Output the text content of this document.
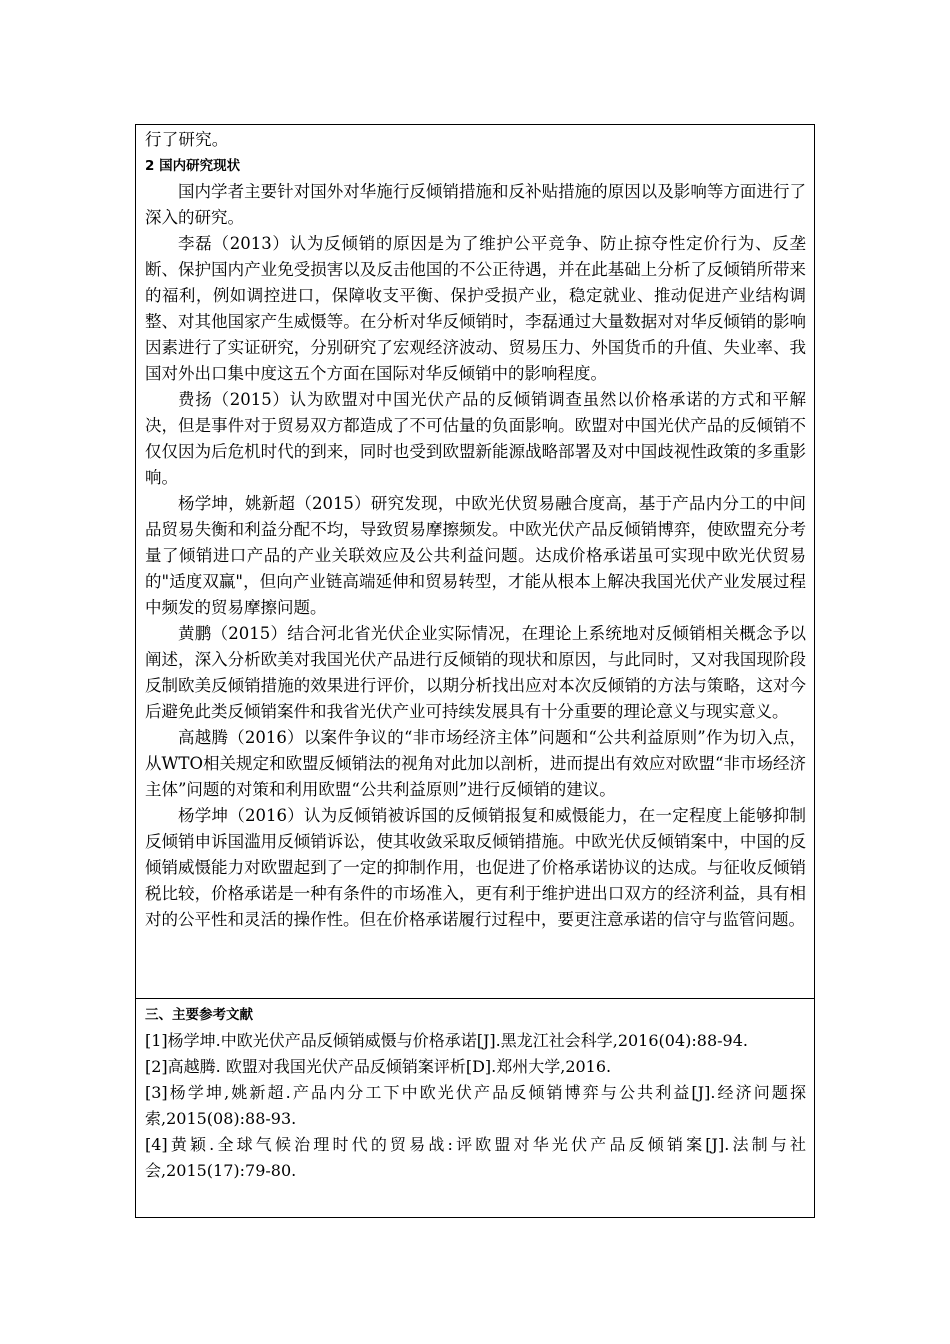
行了研究。
2 国内研究现状

国内学者主要针对国外对华施行反倾销措施和反补贴措施的原因以及影响等方面进行了深入的研究。

李磊（2013）认为反倾销的原因是为了维护公平竞争、防止掠夺性定价行为、反垄断、保护国内产业免受损害以及反击他国的不公正待遇，并在此基础上分析了反倾销所带来的福利，例如调控进口，保障收支平衡、保护受损产业，稳定就业、推动促进产业结构调整、对其他国家产生威慑等。在分析对华反倾销时，李磊通过大量数据对对华反倾销的影响因素进行了实证研究，分别研究了宏观经济波动、贸易压力、外国货币的升值、失业率、我国对外出口集中度这五个方面在国际对华反倾销中的影响程度。

费扬（2015）认为欧盟对中国光伏产品的反倾销调查虽然以价格承诺的方式和平解决，但是事件对于贸易双方都造成了不可估量的负面影响。欧盟对中国光伏产品的反倾销不仅仅因为后危机时代的到来，同时也受到欧盟新能源战略部署及对中国歧视性政策的多重影响。

杨学坤，姚新超（2015）研究发现，中欧光伏贸易融合度高，基于产品内分工的中间品贸易失衡和利益分配不均，导致贸易摩擦频发。中欧光伏产品反倾销博弈，使欧盟充分考量了倾销进口产品的产业关联效应及公共利益问题。达成价格承诺虽可实现中欧光伏贸易的"适度双赢"，但向产业链高端延伸和贸易转型，才能从根本上解决我国光伏产业发展过程中频发的贸易摩擦问题。

黄鹏（2015）结合河北省光伏企业实际情况，在理论上系统地对反倾销相关概念予以阐述，深入分析欧美对我国光伏产品进行反倾销的现状和原因，与此同时，又对我国现阶段反制欧美反倾销措施的效果进行评价，以期分析找出应对本次反倾销的方法与策略，这对今后避免此类反倾销案件和我省光伏产业可持续发展具有十分重要的理论意义与现实意义。

高越腾（2016）以案件争议的“非市场经济主体”问题和“公共利益原则”作为切入点，从WTO相关规定和欧盟反倾销法的视角对此加以剖析，进而提出有效应对欧盟“非市场经济主体”问题的对策和利用欧盟“公共利益原则”进行反倾销的建议。

杨学坤（2016）认为反倾销被诉国的反倾销报复和威慑能力，在一定程度上能够抑制反倾销申诉国滥用反倾销诉讼，使其收敛采取反倾销措施。中欧光伏反倾销案中，中国的反倾销威慑能力对欧盟起到了一定的抑制作用，也促进了价格承诺协议的达成。与征收反倾销税比较，价格承诺是一种有条件的市场准入，更有利于维护进出口双方的经济利益，具有相对的公平性和灵活的操作性。但在价格承诺履行过程中，要更注意承诺的信守与监管问题。

三、主要参考文献

[1]杨学坤.中欧光伏产品反倾销威慑与价格承诺[J].黑龙江社会科学,2016(04):88-94.

[2]高越腾. 欧盟对我国光伏产品反倾销案评析[D].郑州大学,2016.

[3]杨学坤,姚新超.产品内分工下中欧光伏产品反倾销博弈与公共利益[J].经济问题探索,2015(08):88-93.

[4]黄颖.全球气候治理时代的贸易战:评欧盟对华光伏产品反倾销案[J].法制与社会,2015(17):79-80.
